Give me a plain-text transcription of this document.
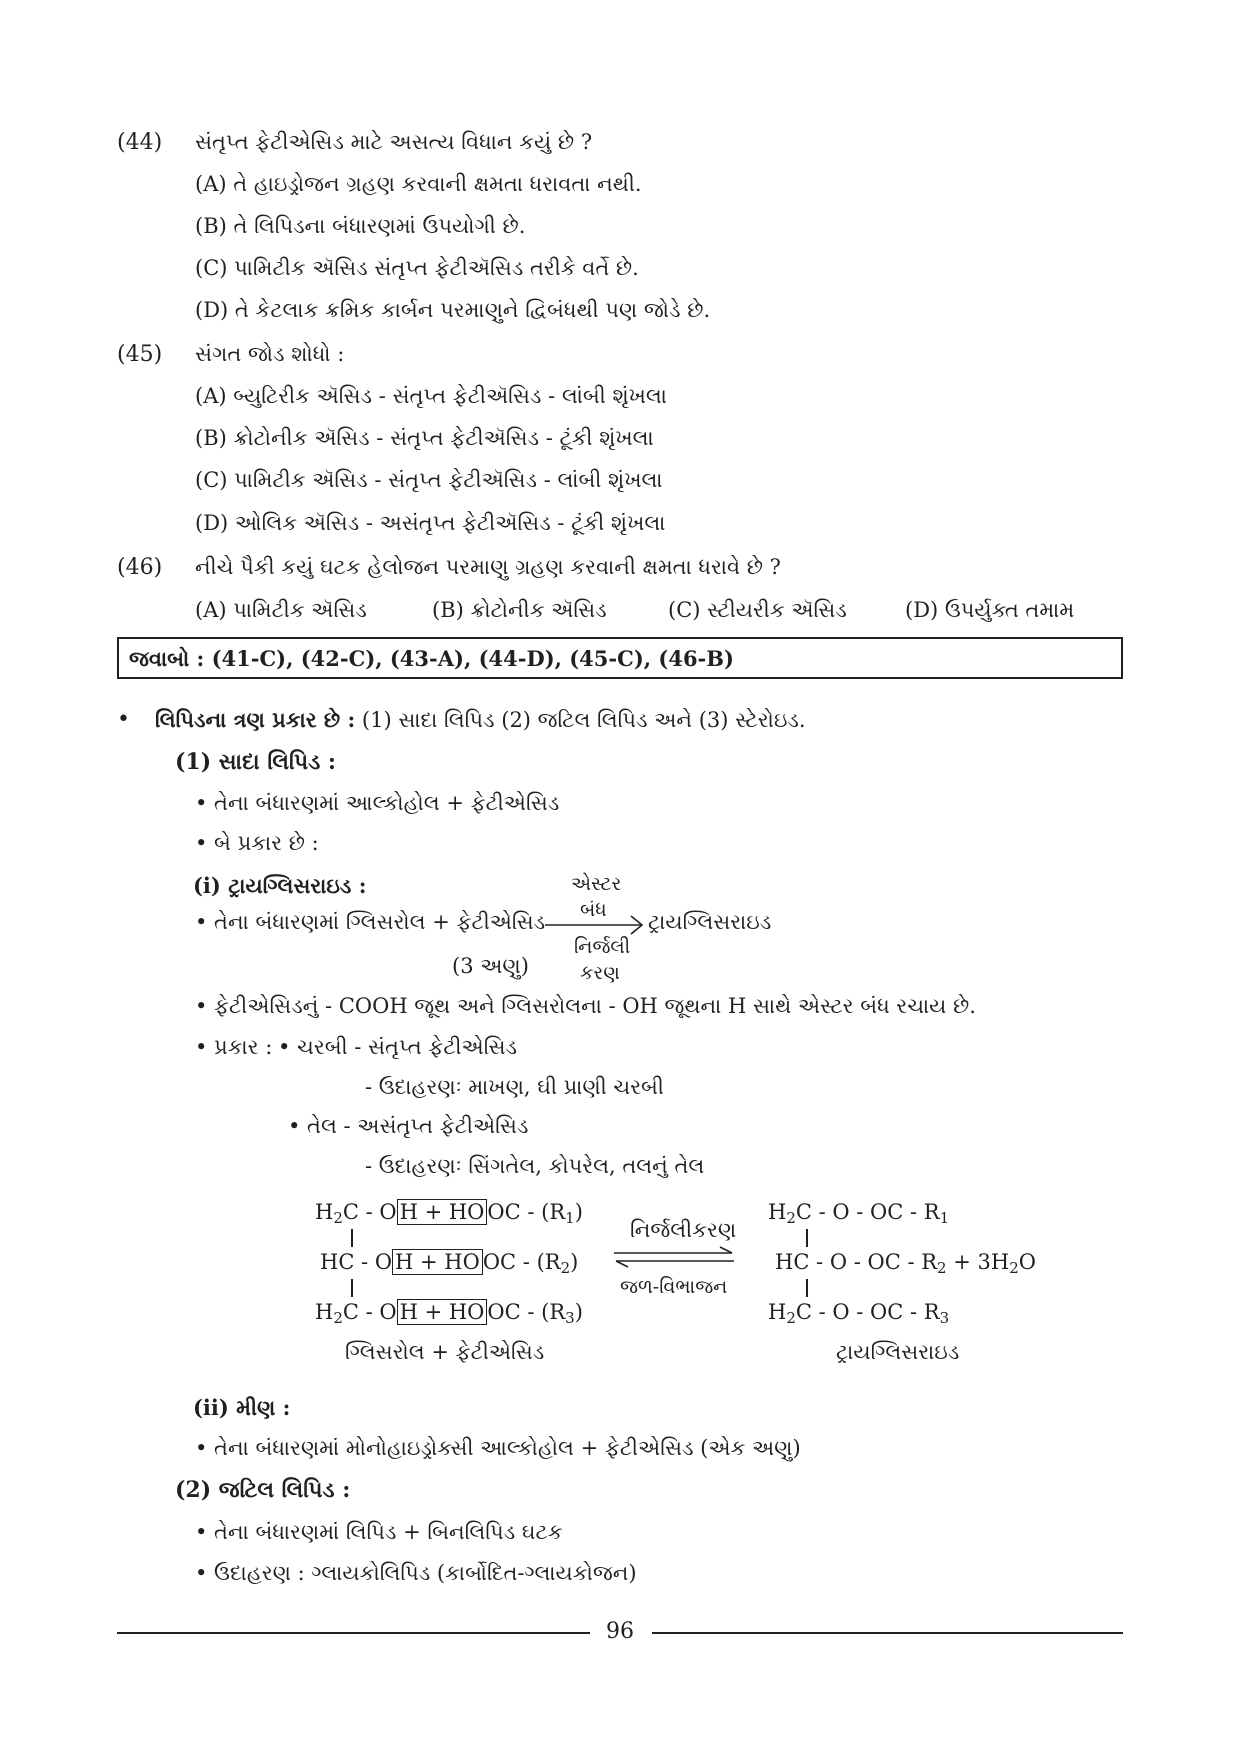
(44) સંતૃપ્ત ફેટીએસિડ માટે અસત્ય વિધાન કયું છે ?
(A) તે હાઇડ્રોજન ગ્રહણ કરવાની ક્ષમતા ધરાવતા નથી.
(B) તે લિપિડના બંધારણમાં ઉપયોગી છે.
(C) પામિટીક ઍસિડ સંતૃપ્ત ફેટીઍસિડ તરીકે વર્તે છે.
(D) તે કેટલાક ક્રમિક કાર્બન પરમાણુને દ્વિબંધથી પણ જોડે છે.
(45) સંગત જોડ શોધો :
(A) બ્યુટિરીક ઍસિડ - સંતૃપ્ત ફેટીઍસિડ - લાંબી શૃંખલા
(B) ક્રોટોનીક ઍસિડ - સંતૃપ્ત ફેટીઍસિડ - ટૂંકી શૃંખલા
(C) પામિટીક ઍસિડ - સંતૃપ્ત ફેટીઍસિડ - લાંબી શૃંખલા
(D) ઓલિક ઍસિડ - અસંતૃપ્ત ફેટીઍસિડ - ટૂંકી શૃંખલા
(46) નીચે પૈકી કયું ઘટક હેલોજન પરમાણુ ગ્રહણ કરવાની ક્ષમતા ધરાવે છે ?
(A) પામિટીક ઍસિડ	(B) ક્રોટોનીક ઍસિડ	(C) સ્ટીયરીક ઍસિડ	(D) ઉપર્યુક્ત તમામ
જવાબો : (41-C), (42-C), (43-A), (44-D), (45-C), (46-B)
• લિપિડના ત્રણ પ્રકાર છે : (1) સાદા લિપિડ (2) જટિલ લિપિડ અને (3) સ્ટેરોઇડ.
(1) સાદા લિપિડ :
• તેના બંધારણમાં આલ્કોહોલ + ફેટીએસિડ
• બે પ્રકાર છે :
(i) ટ્રાયગ્લિસરાઇડ :	એસ્ટર
બંધ
• તેના બંધારણમાં ગ્લિસરોલ + ફેટીએસિડ	ટ્રાયગ્લિસરાઇડ
નિર્જલી
(3 અણુ)	કરણ
• ફેટીએસિડનું - COOH જૂથ અને ગ્લિસરોલના - OH જૂથના H સાથે એસ્ટર બંધ રચાય છે.
• પ્રકાર : • ચરબી - સંતૃપ્ત ફેટીએસિડ
- ઉદાહરણઃ માખણ, ઘી પ્રાણી ચરબી
• તેલ - અસંતૃપ્ત ફેટીએસિડ
- ઉદાહરણઃ સિંગતેલ, કોપરેલ, તલનું તેલ
$H_2C$ - O H + HO OC - $(R_1)$
HC - O H + HO OC - $(R_2)$
$H_2C$ - O H + HO OC - $(R_3)$
નિર્જલીકરણ
જળ-વિભાજન
$H_2C$ - O - OC - $R_1$
HC - O - OC - $R_2 + 3H_2O$
$H_2C$ - O - OC - $R_3$
ગ્લિસરોલ + ફેટીએસિડ	ટ્રાયગ્લિસરાઇડ
(ii) મીણ :
• તેના બંધારણમાં મોનોહાઇડ્રોક્સી આલ્કોહોલ + ફેટીએસિડ (એક અણુ)
(2) જટિલ લિપિડ :
• તેના બંધારણમાં લિપિડ + બિનલિપિડ ઘટક
• ઉદાહરણ : ગ્લાયકોલિપિડ (કાર્બોદિત-ગ્લાયકોજન)
96
